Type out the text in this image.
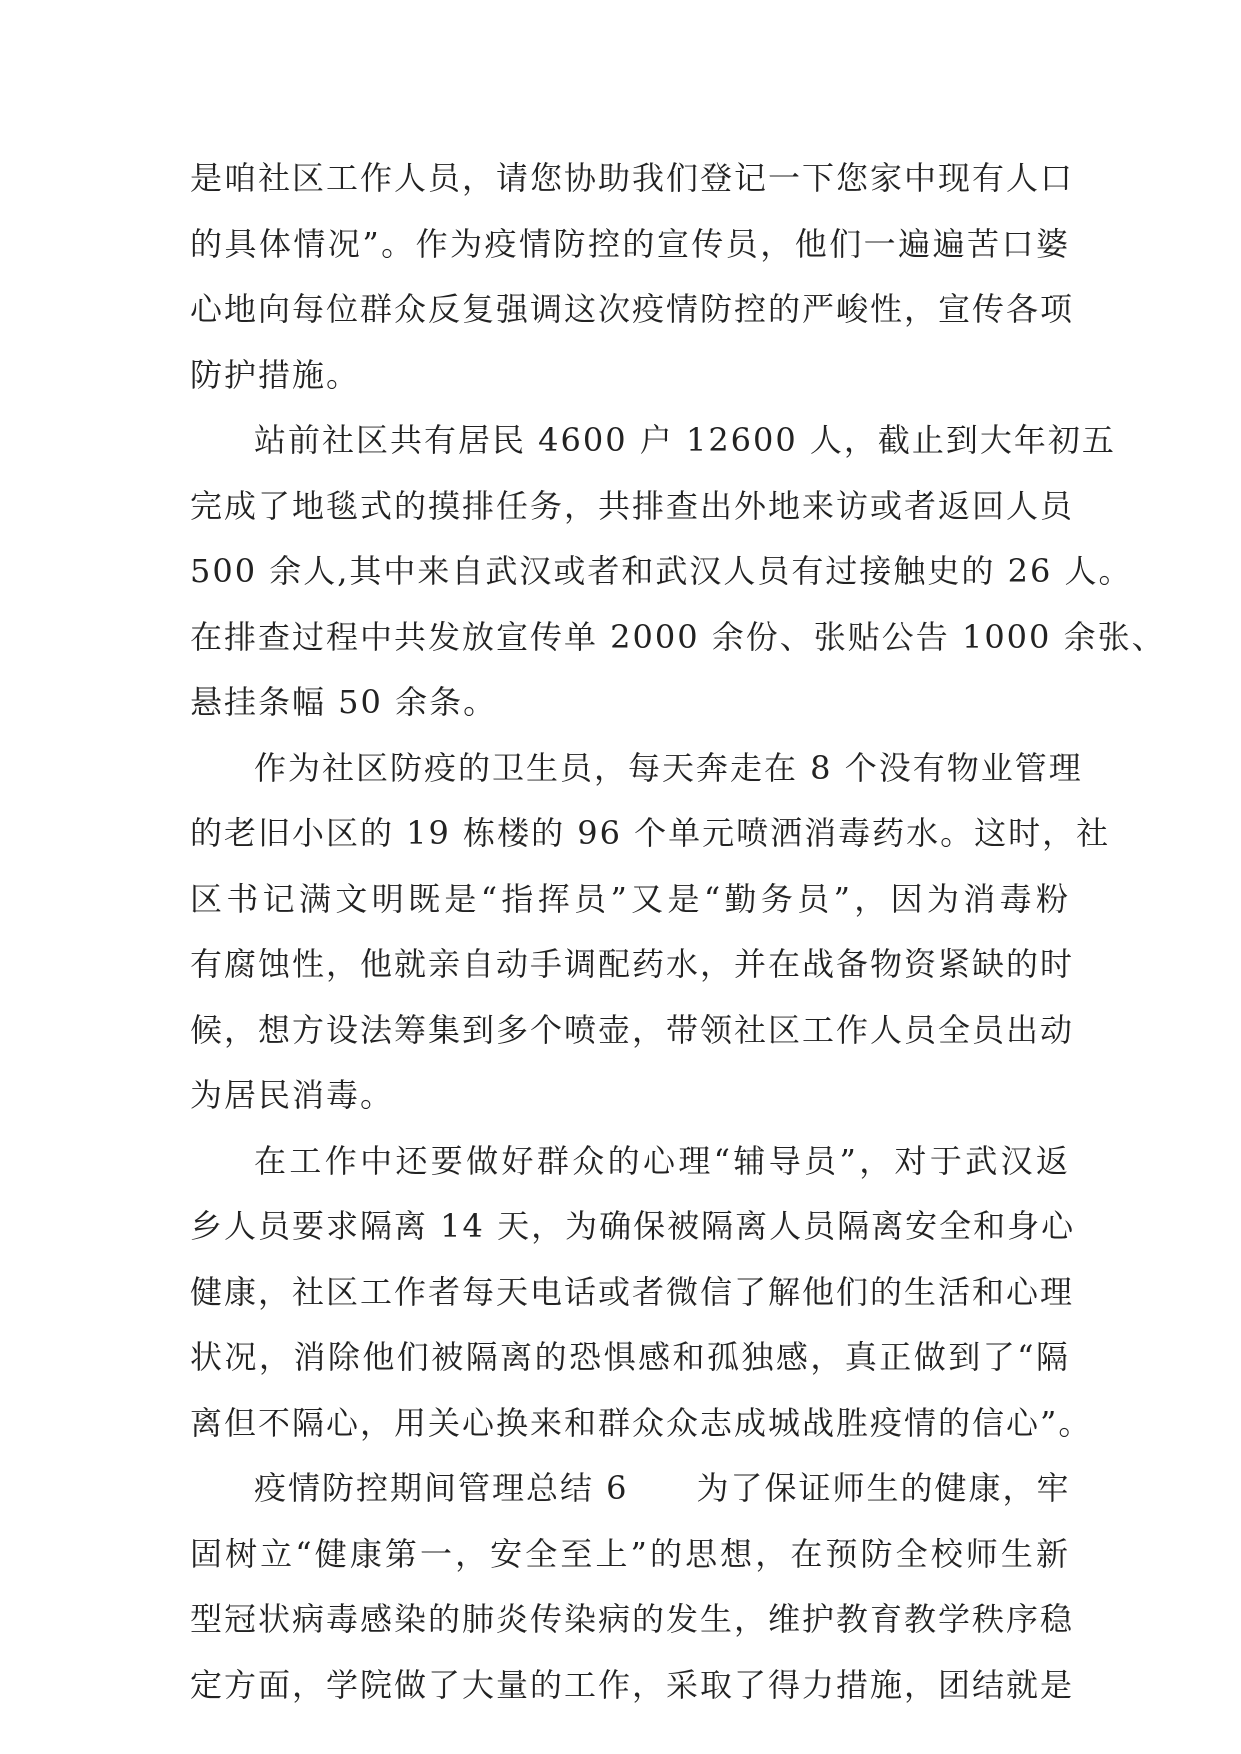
是咱社区工作人员，请您协助我们登记一下您家中现有人口
的具体情况”。作为疫情防控的宣传员，他们一遍遍苦口婆
心地向每位群众反复强调这次疫情防控的严峻性，宣传各项
防护措施。
站前社区共有居民 4600 户 12600 人，截止到大年初五
完成了地毯式的摸排任务，共排查出外地来访或者返回人员
500 余人,其中来自武汉或者和武汉人员有过接触史的 26 人。
在排查过程中共发放宣传单 2000 余份、张贴公告 1000 余张、
悬挂条幅 50 余条。
作为社区防疫的卫生员，每天奔走在 8 个没有物业管理
的老旧小区的 19 栋楼的 96 个单元喷洒消毒药水。这时，社
区书记满文明既是“指挥员”又是“勤务员”，因为消毒粉
有腐蚀性，他就亲自动手调配药水，并在战备物资紧缺的时
候，想方设法筹集到多个喷壶，带领社区工作人员全员出动
为居民消毒。
在工作中还要做好群众的心理“辅导员”，对于武汉返
乡人员要求隔离 14 天，为确保被隔离人员隔离安全和身心
健康，社区工作者每天电话或者微信了解他们的生活和心理
状况，消除他们被隔离的恐惧感和孤独感，真正做到了“隔
离但不隔心，用关心换来和群众众志成城战胜疫情的信心”。
疫情防控期间管理总结 6　　为了保证师生的健康，牢
固树立“健康第一，安全至上”的思想，在预防全校师生新
型冠状病毒感染的肺炎传染病的发生，维护教育教学秩序稳
定方面，学院做了大量的工作，采取了得力措施，团结就是
